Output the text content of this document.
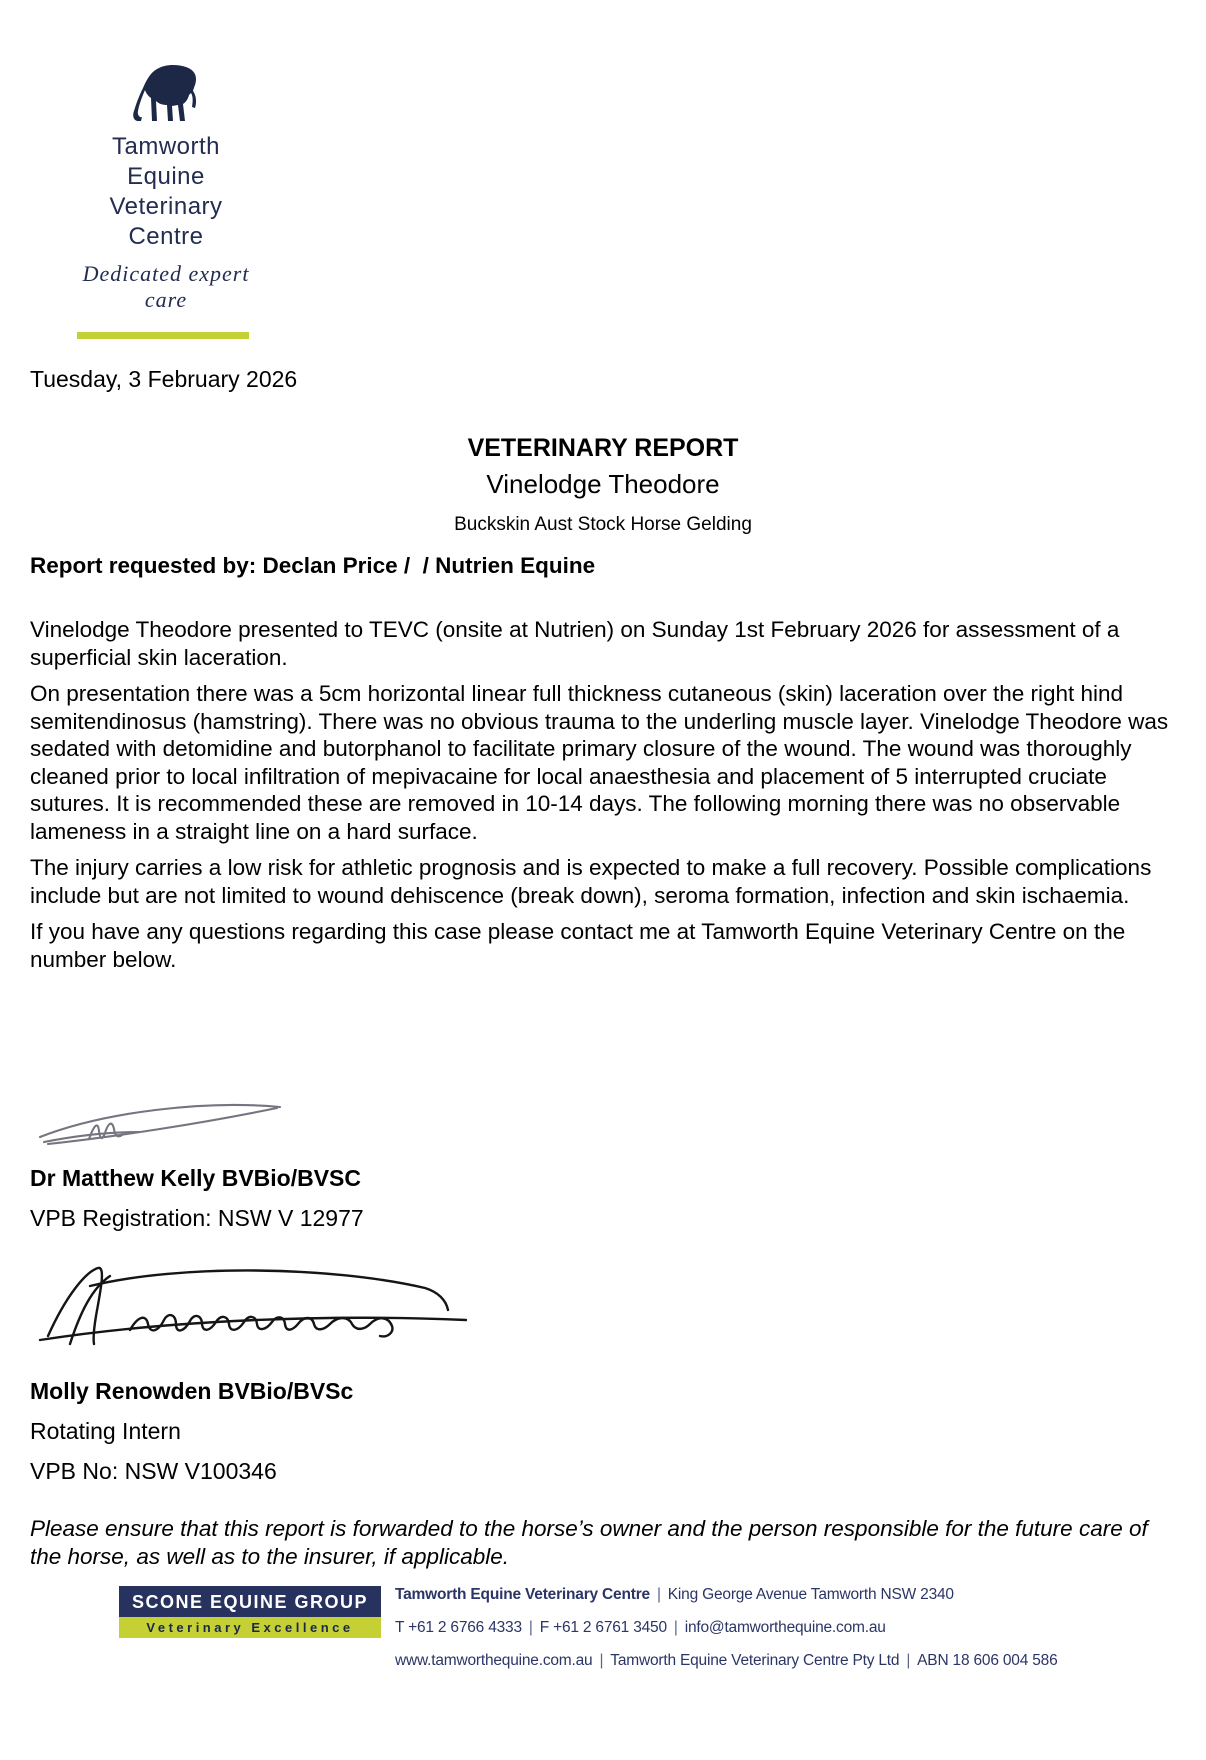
Tamworth
Equine Veterinary
Centre
Dedicated expert care
Tuesday, 3 February 2026
VETERINARY REPORT
Vinelodge Theodore
Buckskin Aust Stock Horse Gelding
Report requested by: Declan Price /  / Nutrien Equine

Vinelodge Theodore presented to TEVC (onsite at Nutrien) on Sunday 1st February 2026 for assessment of a superficial skin laceration.

On presentation there was a 5cm horizontal linear full thickness cutaneous (skin) laceration over the right hind semitendinosus (hamstring). There was no obvious trauma to the underling muscle layer. Vinelodge Theodore was sedated with detomidine and butorphanol to facilitate primary closure of the wound. The wound was thoroughly cleaned prior to local infiltration of mepivacaine for local anaesthesia and placement of 5 interrupted cruciate sutures. It is recommended these are removed in 10-14 days. The following morning there was no observable lameness in a straight line on a hard surface.

The injury carries a low risk for athletic prognosis and is expected to make a full recovery. Possible complications include but are not limited to wound dehiscence (break down), seroma formation, infection and skin ischaemia.

If you have any questions regarding this case please contact me at Tamworth Equine Veterinary Centre on the number below.

Dr Matthew Kelly BVBio/BVSC
VPB Registration: NSW V 12977
Molly Renowden BVBio/BVSc
Rotating Intern
VPB No: NSW V100346

Please ensure that this report is forwarded to the horse’s owner and the person responsible for the future care of the horse, as well as to the insurer, if applicable.

SCONE EQUINE GROUP
Veterinary Excellence
Tamworth Equine Veterinary Centre | King George Avenue Tamworth NSW 2340
T +61 2 6766 4333 | F +61 2 6761 3450 | info@tamworthequine.com.au
www.tamworthequine.com.au | Tamworth Equine Veterinary Centre Pty Ltd | ABN 18 606 004 586
